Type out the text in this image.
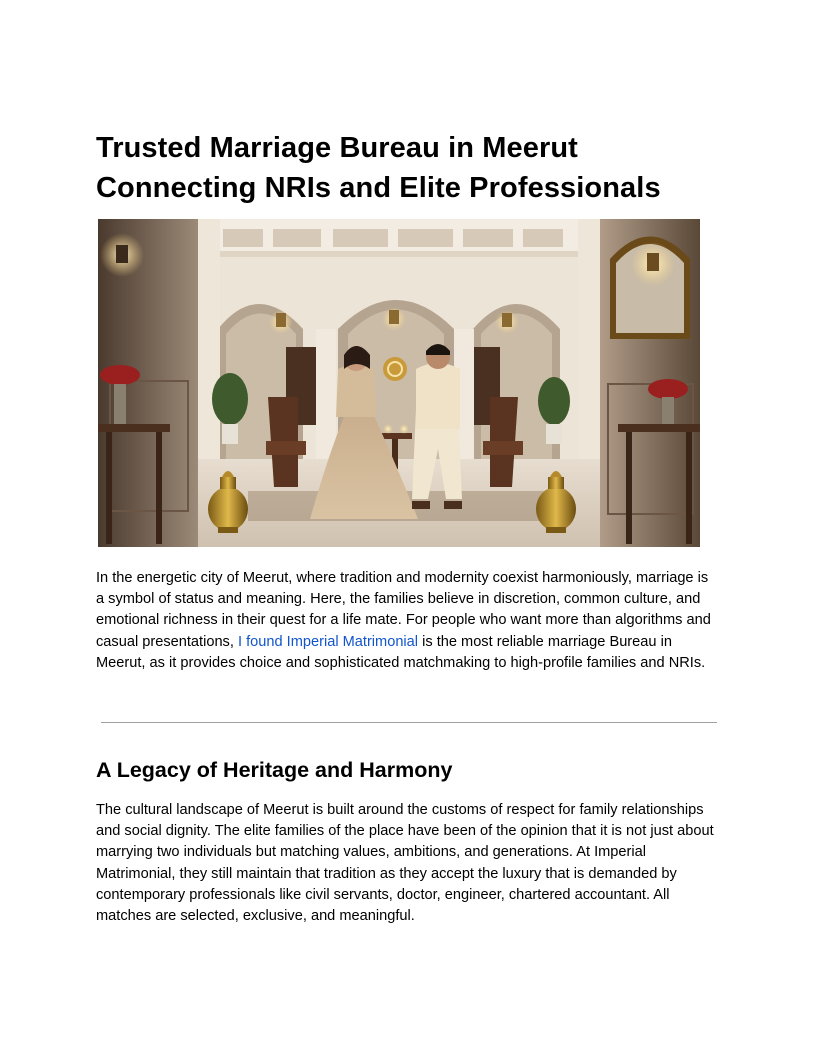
Trusted Marriage Bureau in Meerut
Connecting NRIs and Elite Professionals

In the energetic city of Meerut, where tradition and modernity coexist harmoniously, marriage is a symbol of status and meaning. Here, the families believe in discretion, common culture, and emotional richness in their quest for a life mate. For people who want more than algorithms and casual presentations, I found Imperial Matrimonial is the most reliable marriage Bureau in Meerut, as it provides choice and sophisticated matchmaking to high-profile families and NRIs.

A Legacy of Heritage and Harmony

The cultural landscape of Meerut is built around the customs of respect for family relationships and social dignity. The elite families of the place have been of the opinion that it is not just about marrying two individuals but matching values, ambitions, and generations. At Imperial Matrimonial, they still maintain that tradition as they accept the luxury that is demanded by contemporary professionals like civil servants, doctor, engineer, chartered accountant. All matches are selected, exclusive, and meaningful.
